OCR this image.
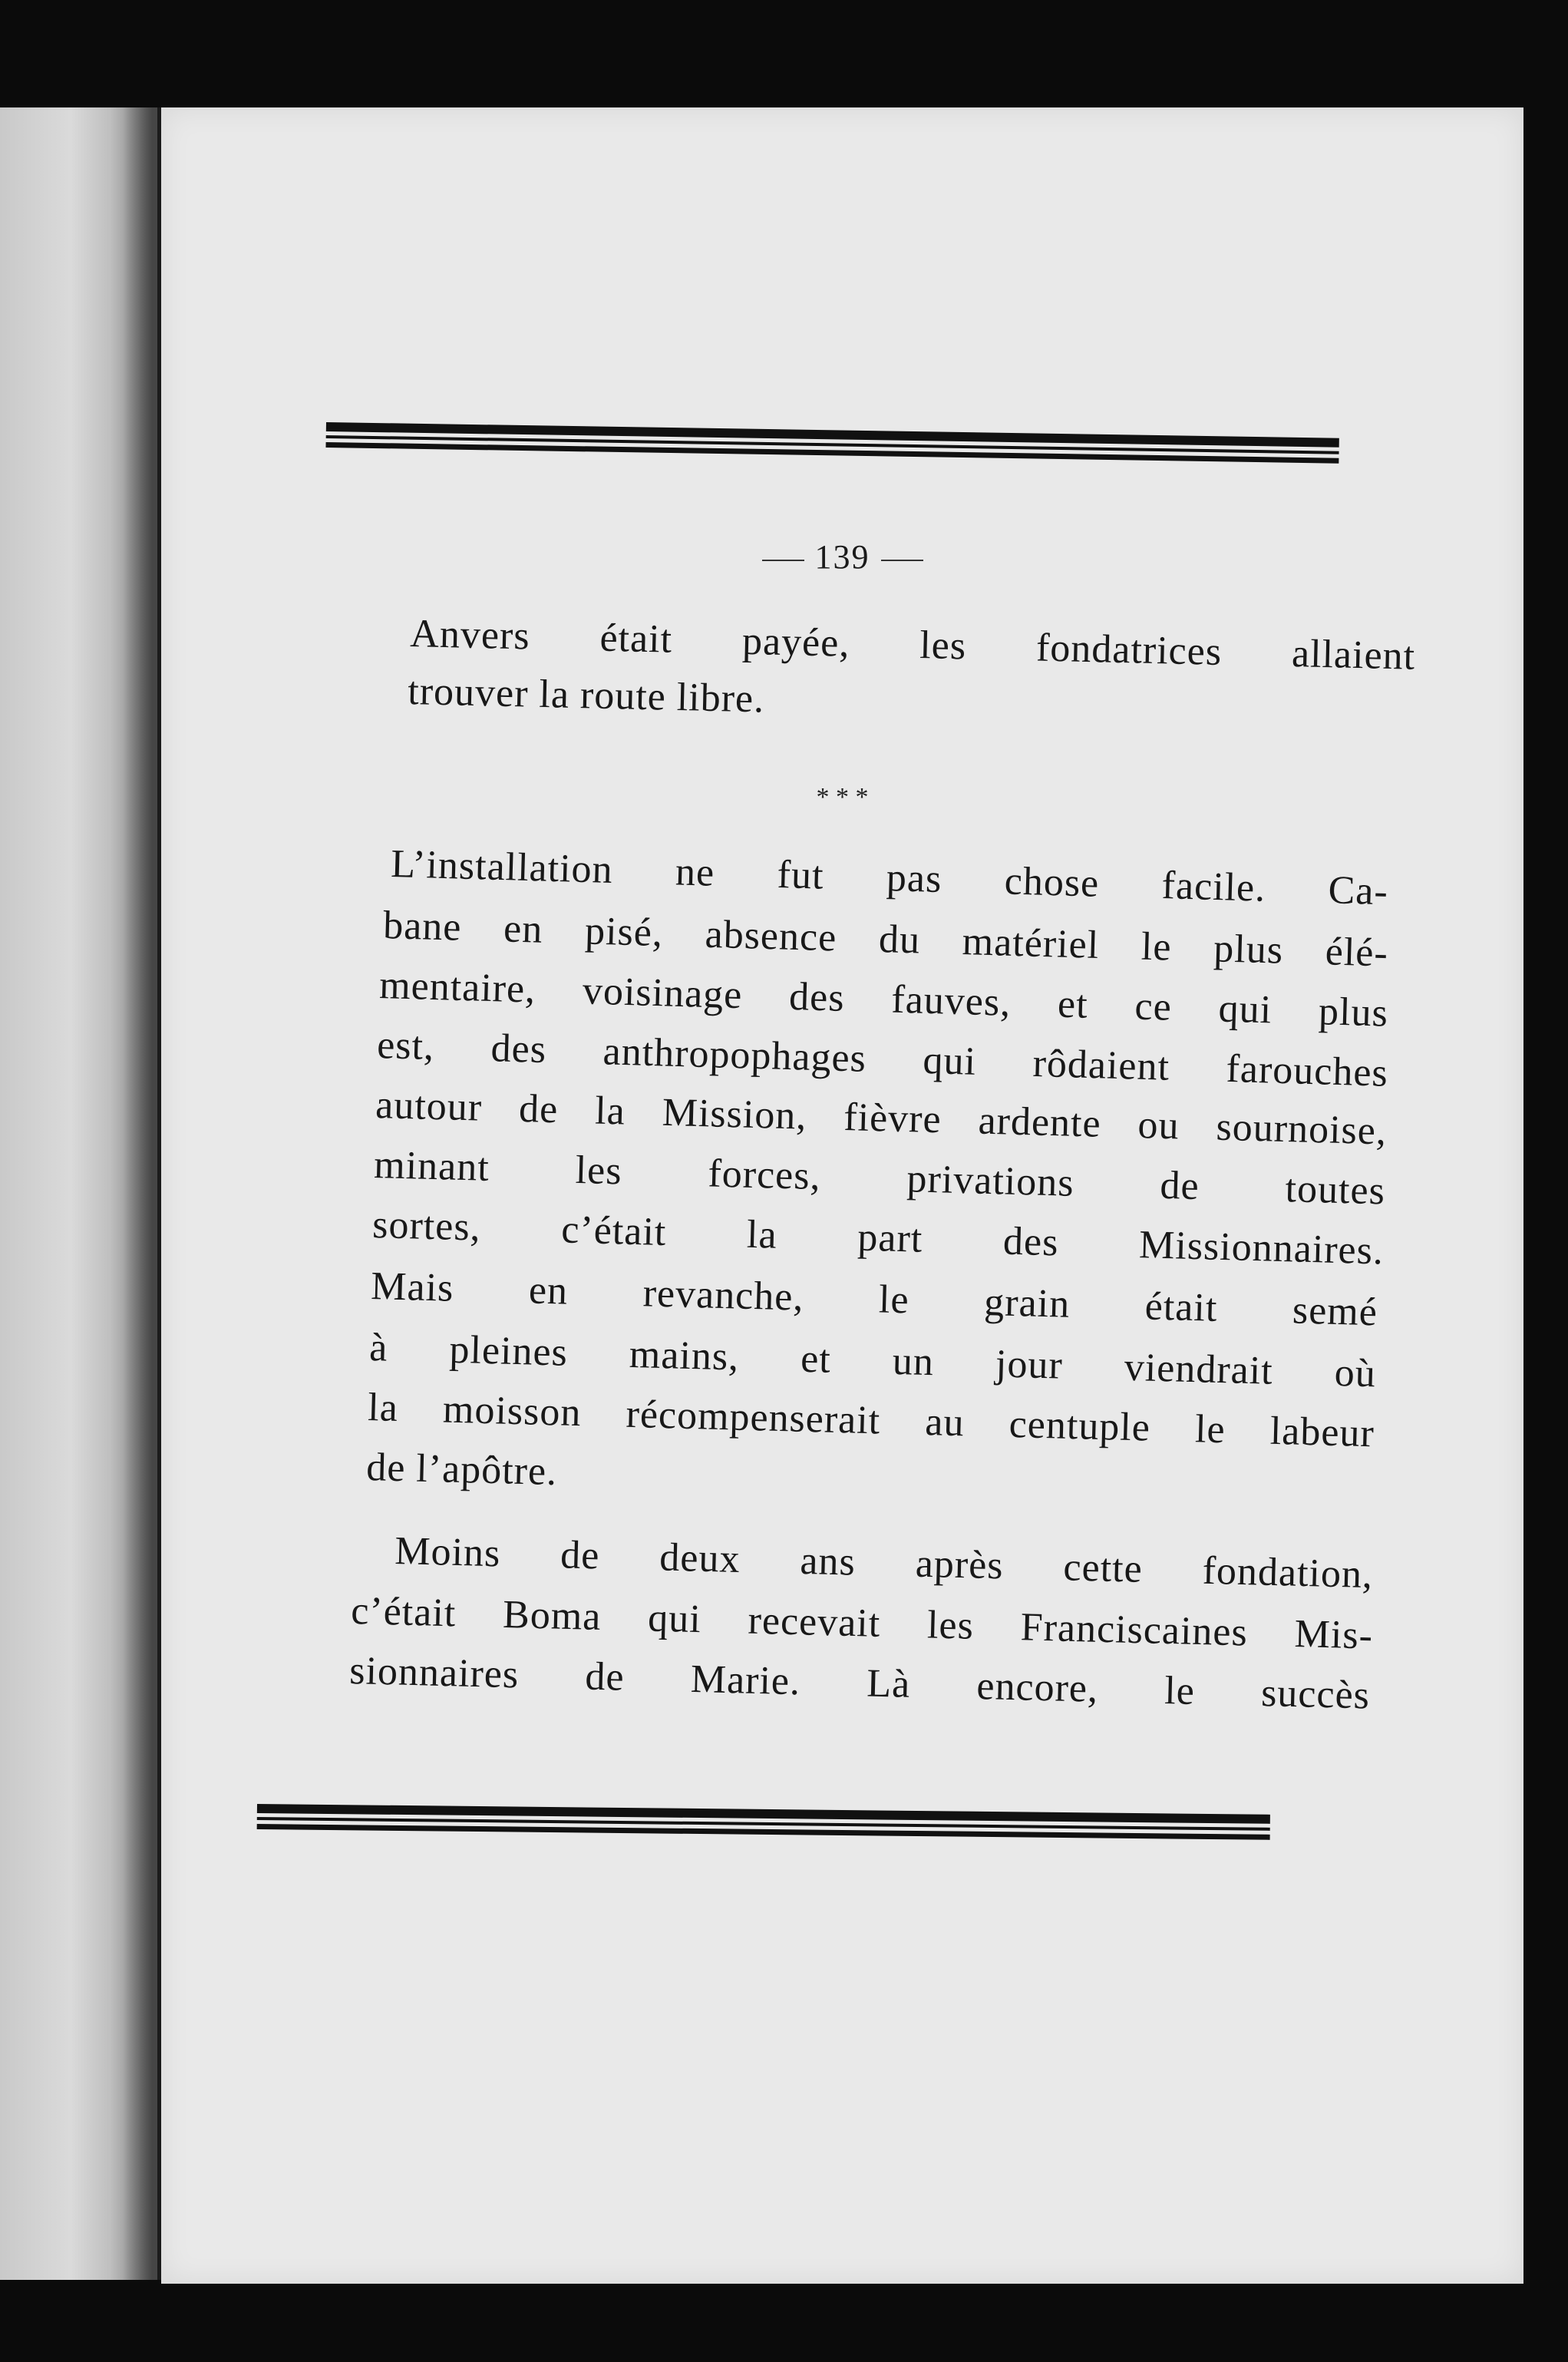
139
Anvers était payée, les fondatrices allaient
trouver la route libre.
* * *
L’installation ne fut pas chose facile. Ca-
bane en pisé, absence du matériel le plus élé-
mentaire, voisinage des fauves, et ce qui plus
est, des anthropophages qui rôdaient farouches
autour de la Mission, fièvre ardente ou sournoise,
minant les forces, privations de toutes
sortes, c’était la part des Missionnaires.
Mais en revanche, le grain était semé
à pleines mains, et un jour viendrait où
la moisson récompenserait au centuple le labeur
de l’apôtre.
Moins de deux ans après cette fondation,
c’était Boma qui recevait les Franciscaines Mis-
sionnaires de Marie. Là encore, le succès
